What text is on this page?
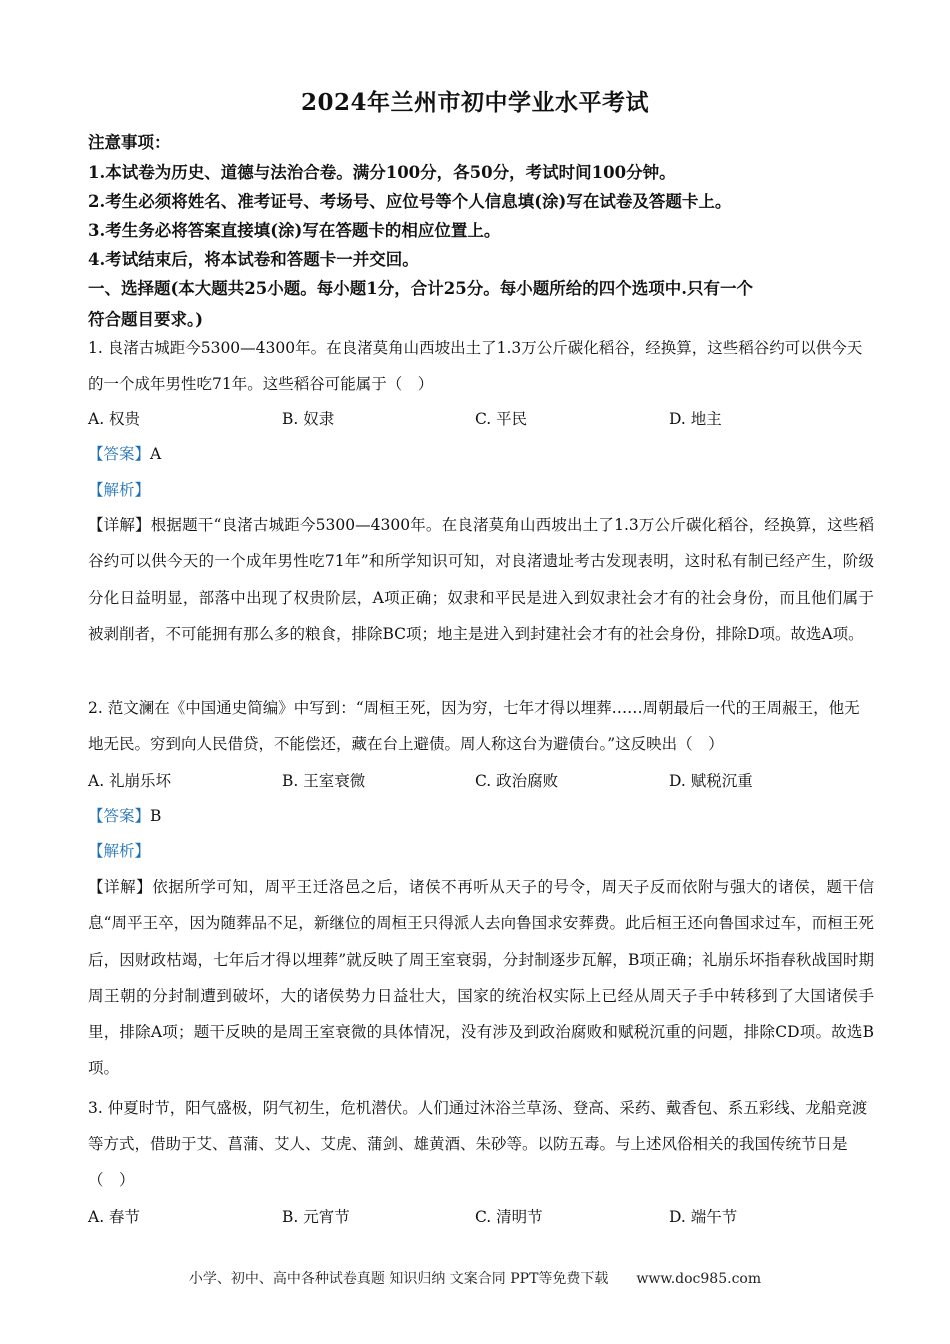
2024年兰州市初中学业水平考试
注意事项：
1.本试卷为历史、道德与法治合卷。满分100分，各50分，考试时间100分钟。
2.考生必须将姓名、准考证号、考场号、应位号等个人信息填(涂)写在试卷及答题卡上。
3.考生务必将答案直接填(涂)写在答题卡的相应位置上。
4.考试结束后，将本试卷和答题卡一并交回。
一、选择题(本大题共25小题。每小题1分，合计25分。每小题所给的四个选项中.只有一个
符合题目要求。)
1. 良渚古城距今5300—4300年。在良渚莫角山西坡出土了1.3万公斤碳化稻谷，经换算，这些稻谷约可以供今天的一个成年男性吃71年。这些稻谷可能属于（　）
A. 权贵	B. 奴隶	C. 平民	D. 地主
【答案】A
【解析】
【详解】根据题干“良渚古城距今5300—4300年。在良渚莫角山西坡出土了1.3万公斤碳化稻谷，经换算，这些稻谷约可以供今天的一个成年男性吃71年”和所学知识可知，对良渚遗址考古发现表明，这时私有制已经产生，阶级分化日益明显，部落中出现了权贵阶层，A项正确；奴隶和平民是进入到奴隶社会才有的社会身份，而且他们属于被剥削者，不可能拥有那么多的粮食，排除BC项；地主是进入到封建社会才有的社会身份，排除D项。故选A项。
2. 范文澜在《中国通史简编》中写到：“周桓王死，因为穷，七年才得以埋葬……周朝最后一代的王周赧王，他无地无民。穷到向人民借贷，不能偿还，藏在台上避债。周人称这台为避债台。”这反映出（　）
A. 礼崩乐坏	B. 王室衰微	C. 政治腐败	D. 赋税沉重
【答案】B
【解析】
【详解】依据所学可知，周平王迁洛邑之后，诸侯不再听从天子的号令，周天子反而依附与强大的诸侯，题干信息“周平王卒，因为随葬品不足，新继位的周桓王只得派人去向鲁国求安葬费。此后桓王还向鲁国求过车，而桓王死后，因财政枯竭，七年后才得以埋葬”就反映了周王室衰弱，分封制逐步瓦解，B项正确；礼崩乐坏指春秋战国时期周王朝的分封制遭到破坏，大的诸侯势力日益壮大，国家的统治权实际上已经从周天子手中转移到了大国诸侯手里，排除A项；题干反映的是周王室衰微的具体情况，没有涉及到政治腐败和赋税沉重的问题，排除CD项。故选B项。
3. 仲夏时节，阳气盛极，阴气初生，危机潜伏。人们通过沐浴兰草汤、登高、采药、戴香包、系五彩线、龙船竞渡等方式，借助于艾、菖蒲、艾人、艾虎、蒲剑、雄黄酒、朱砂等。以防五毒。与上述风俗相关的我国传统节日是（　）
A. 春节	B. 元宵节	C. 清明节	D. 端午节
小学、初中、高中各种试卷真题 知识归纳 文案合同 PPT等免费下载 www.doc985.com
